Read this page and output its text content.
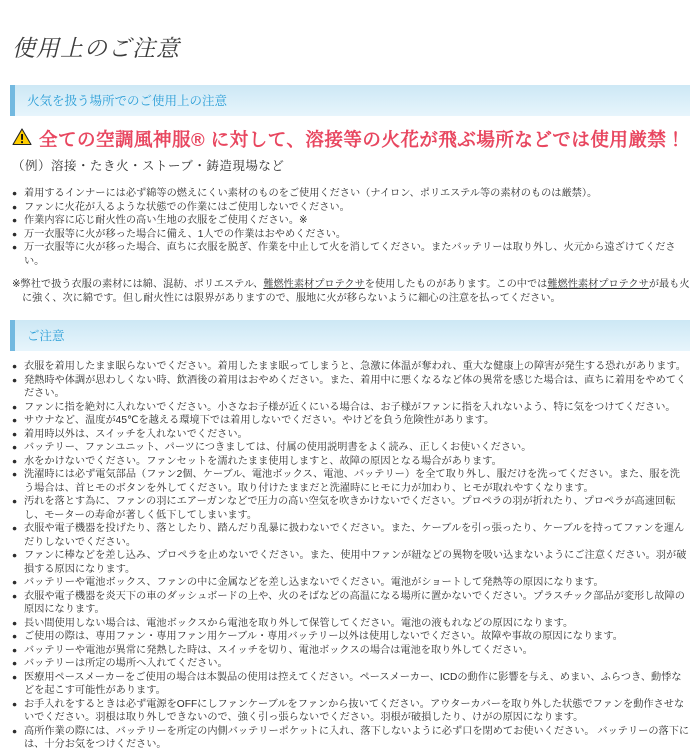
使用上のご注意
火気を扱う場所でのご使用上の注意
全ての空調風神服® に対して、溶接等の火花が飛ぶ場所などでは使用厳禁！
（例）溶接・たき火・ストーブ・鋳造現場など
● 着用するインナーには必ず綿等の燃えにくい素材のものをご使用ください（ナイロン、ポリエステル等の素材のものは厳禁）。
● ファンに火花が入るような状態での作業にはご使用しないでください。
● 作業内容に応じ耐火性の高い生地の衣服をご使用ください。※
● 万一衣服等に火が移った場合に備え、1人での作業はおやめください。
● 万一衣服等に火が移った場合、直ちに衣服を脱ぎ、作業を中止して火を消してください。またバッテリーは取り外し、火元から遠ざけてください。

※弊社で扱う衣服の素材には綿、混紡、ポリエステル、難燃性素材プロテクサを使用したものがあります。この中では難燃性素材プロテクサが最も火に強く、次に綿です。但し耐火性には限界がありますので、服地に火が移らないように細心の注意を払ってください。

ご注意
● 衣服を着用したまま眠らないでください。着用したまま眠ってしまうと、急激に体温が奪われ、重大な健康上の障害が発生する恐れがあります。
● 発熱時や体調が思わしくない時、飲酒後の着用はおやめください。また、着用中に悪くなるなど体の異常を感じた場合は、直ちに着用をやめてください。
● ファンに指を絶対に入れないでください。小さなお子様が近くにいる場合は、お子様がファンに指を入れないよう、特に気をつけてください。
● サウナなど、温度が45℃を越える環境下では着用しないでください。やけどを負う危険性があります。
● 着用時以外は、スイッチを入れないでください。
● バッテリー、ファンユニット、パーツにつきましては、付属の使用説明書をよく読み、正しくお使いください。
● 水をかけないでください。ファンセットを濡れたまま使用しますと、故障の原因となる場合があります。
● 洗濯時には必ず電気部品（ファン2個、ケーブル、電池ボックス、電池、バッテリー）を全て取り外し、服だけを洗ってください。また、服を洗う場合は、首ヒモのボタンを外してください。取り付けたままだと洗濯時にヒモに力が加わり、ヒモが取れやすくなります。
● 汚れを落とす為に、ファンの羽にエアーガンなどで圧力の高い空気を吹きかけないでください。プロペラの羽が折れたり、プロペラが高速回転し、モーターの寿命が著しく低下してしまいます。
● 衣服や電子機器を投げたり、落としたり、踏んだり乱暴に扱わないでください。また、ケーブルを引っ張ったり、ケーブルを持ってファンを運んだりしないでください。
● ファンに棒などを差し込み、プロペラを止めないでください。また、使用中ファンが紐などの異物を吸い込まないようにご注意ください。羽が破損する原因になります。
● バッテリーや電池ボックス、ファンの中に金属などを差し込まないでください。電池がショートして発熱等の原因になります。
● 衣服や電子機器を炎天下の車のダッシュボードの上や、火のそばなどの高温になる場所に置かないでください。プラスチック部品が変形し故障の原因になります。
● 長い間使用しない場合は、電池ボックスから電池を取り外して保管してください。電池の液もれなどの原因になります。
● ご使用の際は、専用ファン・専用ファン用ケーブル・専用バッテリー以外は使用しないでください。故障や事故の原因になります。
● バッテリーや電池が異常に発熱した時は、スイッチを切り、電池ボックスの場合は電池を取り外してください。
● バッテリーは所定の場所へ入れてください。
● 医療用ペースメーカーをご使用の場合は本製品の使用は控えてください。ペースメーカー、ICDの動作に影響を与え、めまい、ふらつき、動悸などを起こす可能性があります。
● お手入れをするときは必ず電源をOFFにしファンケーブルをファンから抜いてください。アウターカバーを取り外した状態でファンを動作させないでください。羽根は取り外しできないので、強く引っ張らないでください。羽根が破損したり、けがの原因になります。
● 高所作業の際には、バッテリーを所定の内側バッテリーポケットに入れ、落下しないように必ず口を閉めてお使いください。 バッテリーの落下には、十分お気をつけください。
